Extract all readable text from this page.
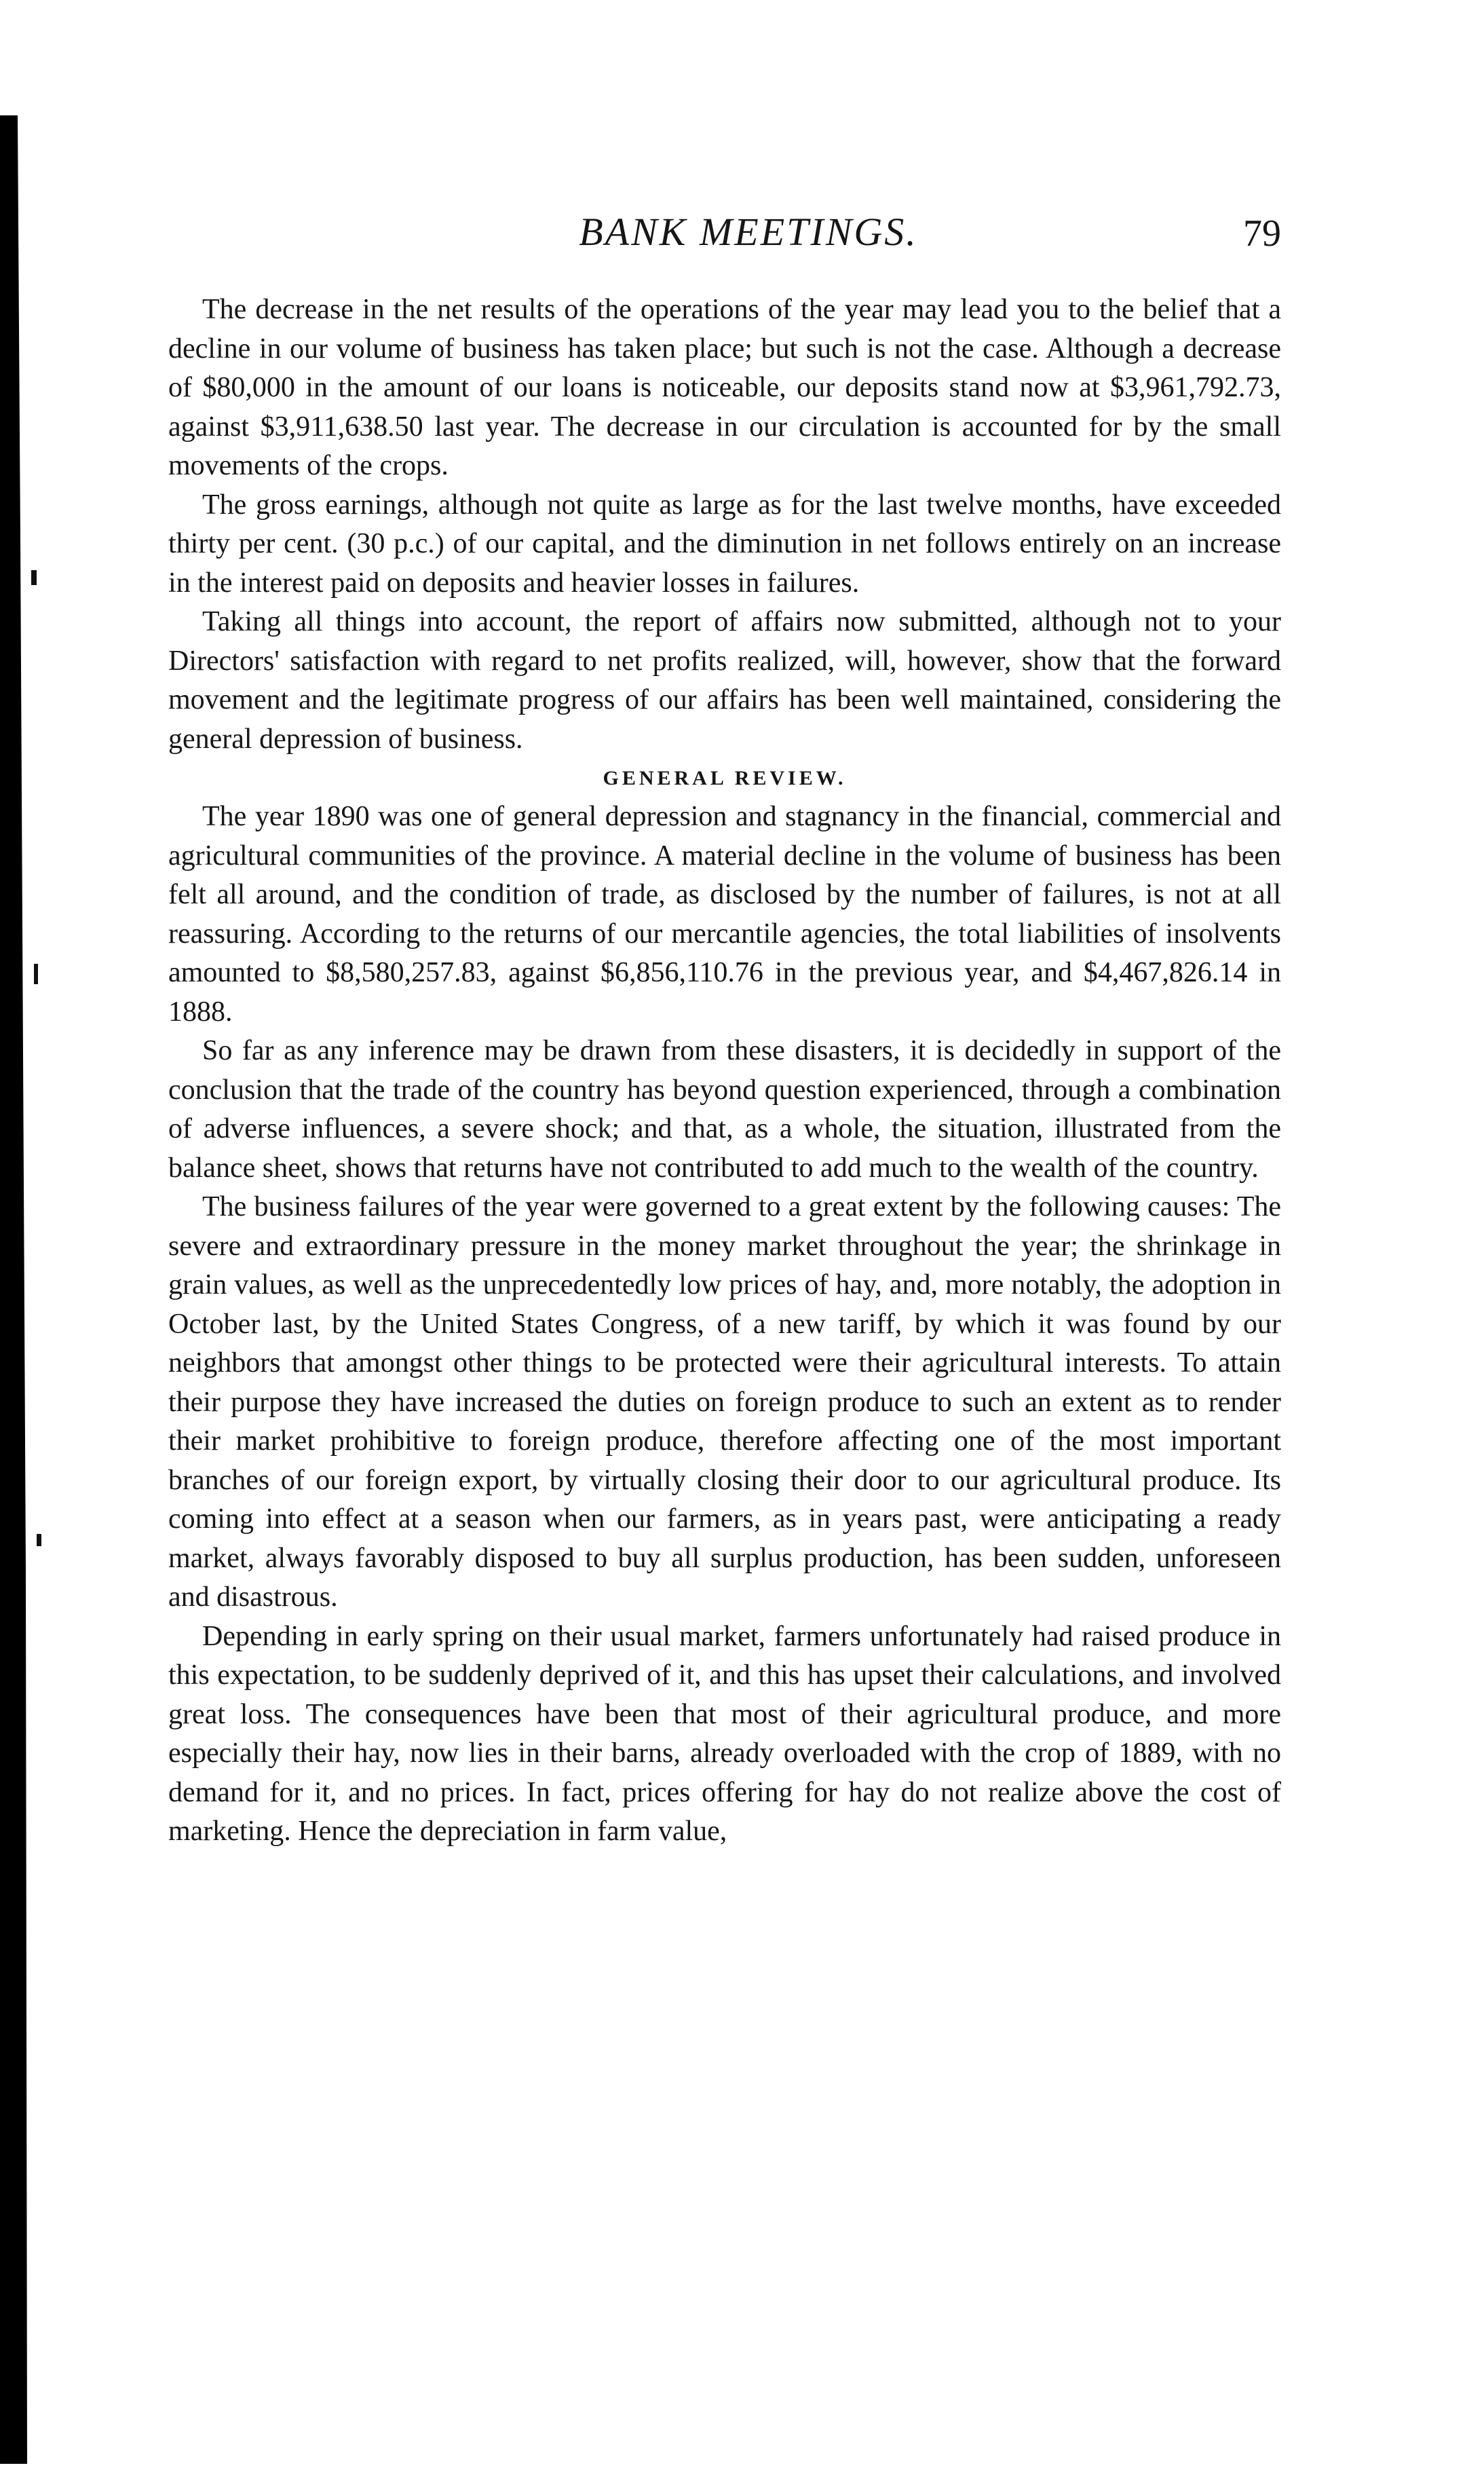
BANK MEETINGS.	79

The decrease in the net results of the operations of the year may lead you to the belief that a decline in our volume of business has taken place; but such is not the case. Although a decrease of $80,000 in the amount of our loans is noticeable, our deposits stand now at $3,961,792.73, against $3,911,638.50 last year. The decrease in our circulation is accounted for by the small movements of the crops.

The gross earnings, although not quite as large as for the last twelve months, have exceeded thirty per cent. (30 p.c.) of our capital, and the diminution in net follows entirely on an increase in the interest paid on deposits and heavier losses in failures.

Taking all things into account, the report of affairs now submitted, although not to your Directors' satisfaction with regard to net profits realized, will, however, show that the forward movement and the legitimate progress of our affairs has been well maintained, considering the general depression of business.

GENERAL REVIEW.

The year 1890 was one of general depression and stagnancy in the financial, commercial and agricultural communities of the province. A material decline in the volume of business has been felt all around, and the condition of trade, as disclosed by the number of failures, is not at all reassuring. According to the returns of our mercantile agencies, the total liabilities of insolvents amounted to $8,580,257.83, against $6,856,110.76 in the previous year, and $4,467,826.14 in 1888.

So far as any inference may be drawn from these disasters, it is decidedly in support of the conclusion that the trade of the country has beyond question experienced, through a combination of adverse influences, a severe shock; and that, as a whole, the situation, illustrated from the balance sheet, shows that returns have not contributed to add much to the wealth of the country.

The business failures of the year were governed to a great extent by the following causes: The severe and extraordinary pressure in the money market throughout the year; the shrinkage in grain values, as well as the unprecedentedly low prices of hay, and, more notably, the adoption in October last, by the United States Congress, of a new tariff, by which it was found by our neighbors that amongst other things to be protected were their agricultural interests. To attain their purpose they have increased the duties on foreign produce to such an extent as to render their market prohibitive to foreign produce, therefore affecting one of the most important branches of our foreign export, by virtually closing their door to our agricultural produce. Its coming into effect at a season when our farmers, as in years past, were anticipating a ready market, always favorably disposed to buy all surplus production, has been sudden, unforeseen and disastrous.

Depending in early spring on their usual market, farmers unfortunately had raised produce in this expectation, to be suddenly deprived of it, and this has upset their calculations, and involved great loss. The consequences have been that most of their agricultural produce, and more especially their hay, now lies in their barns, already overloaded with the crop of 1889, with no demand for it, and no prices. In fact, prices offering for hay do not realize above the cost of marketing. Hence the depreciation in farm value,
